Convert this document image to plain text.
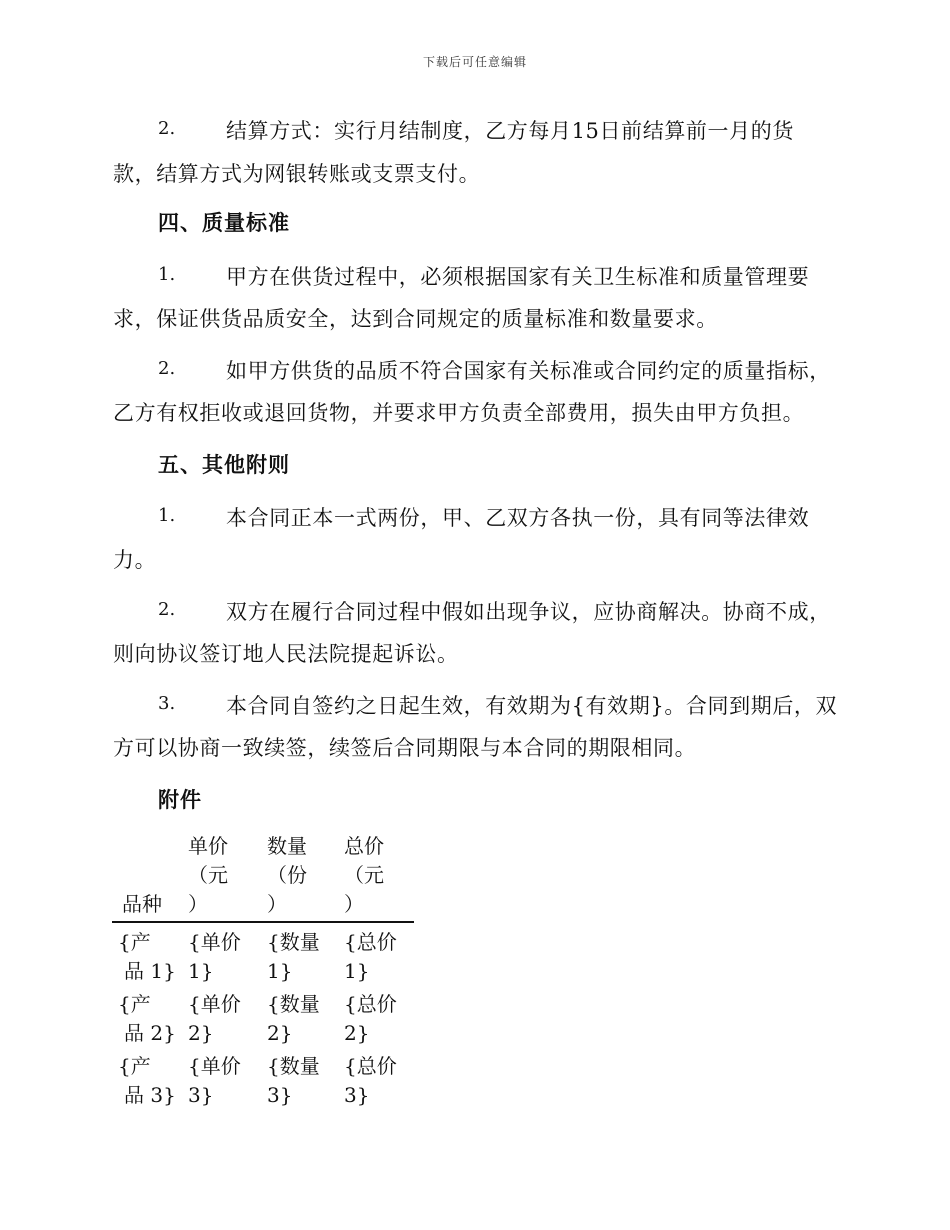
下载后可任意编辑
2. 结算方式：实行月结制度，乙方每月15日前结算前一月的货
款，结算方式为网银转账或支票支付。
四、质量标准
1. 甲方在供货过程中，必须根据国家有关卫生标准和质量管理要
求，保证供货品质安全，达到合同规定的质量标准和数量要求。
2. 如甲方供货的品质不符合国家有关标准或合同约定的质量指标，
乙方有权拒收或退回货物，并要求甲方负责全部费用，损失由甲方负担。
五、其他附则
1. 本合同正本一式两份，甲、乙双方各执一份，具有同等法律效
力。
2. 双方在履行合同过程中假如出现争议，应协商解决。协商不成，
则向协议签订地人民法院提起诉讼。
3. 本合同自签约之日起生效，有效期为{有效期}。合同到期后，双
方可以协商一致续签，续签后合同期限与本合同的期限相同。
附件

品种
单价
（元
）
数量
（份
）
总价
（元
）
{产
品 1}
{单价
1}
{数量
1}
{总价
1}
{产
品 2}
{单价
2}
{数量
2}
{总价
2}
{产
品 3}
{单价
3}
{数量
3}
{总价
3}
